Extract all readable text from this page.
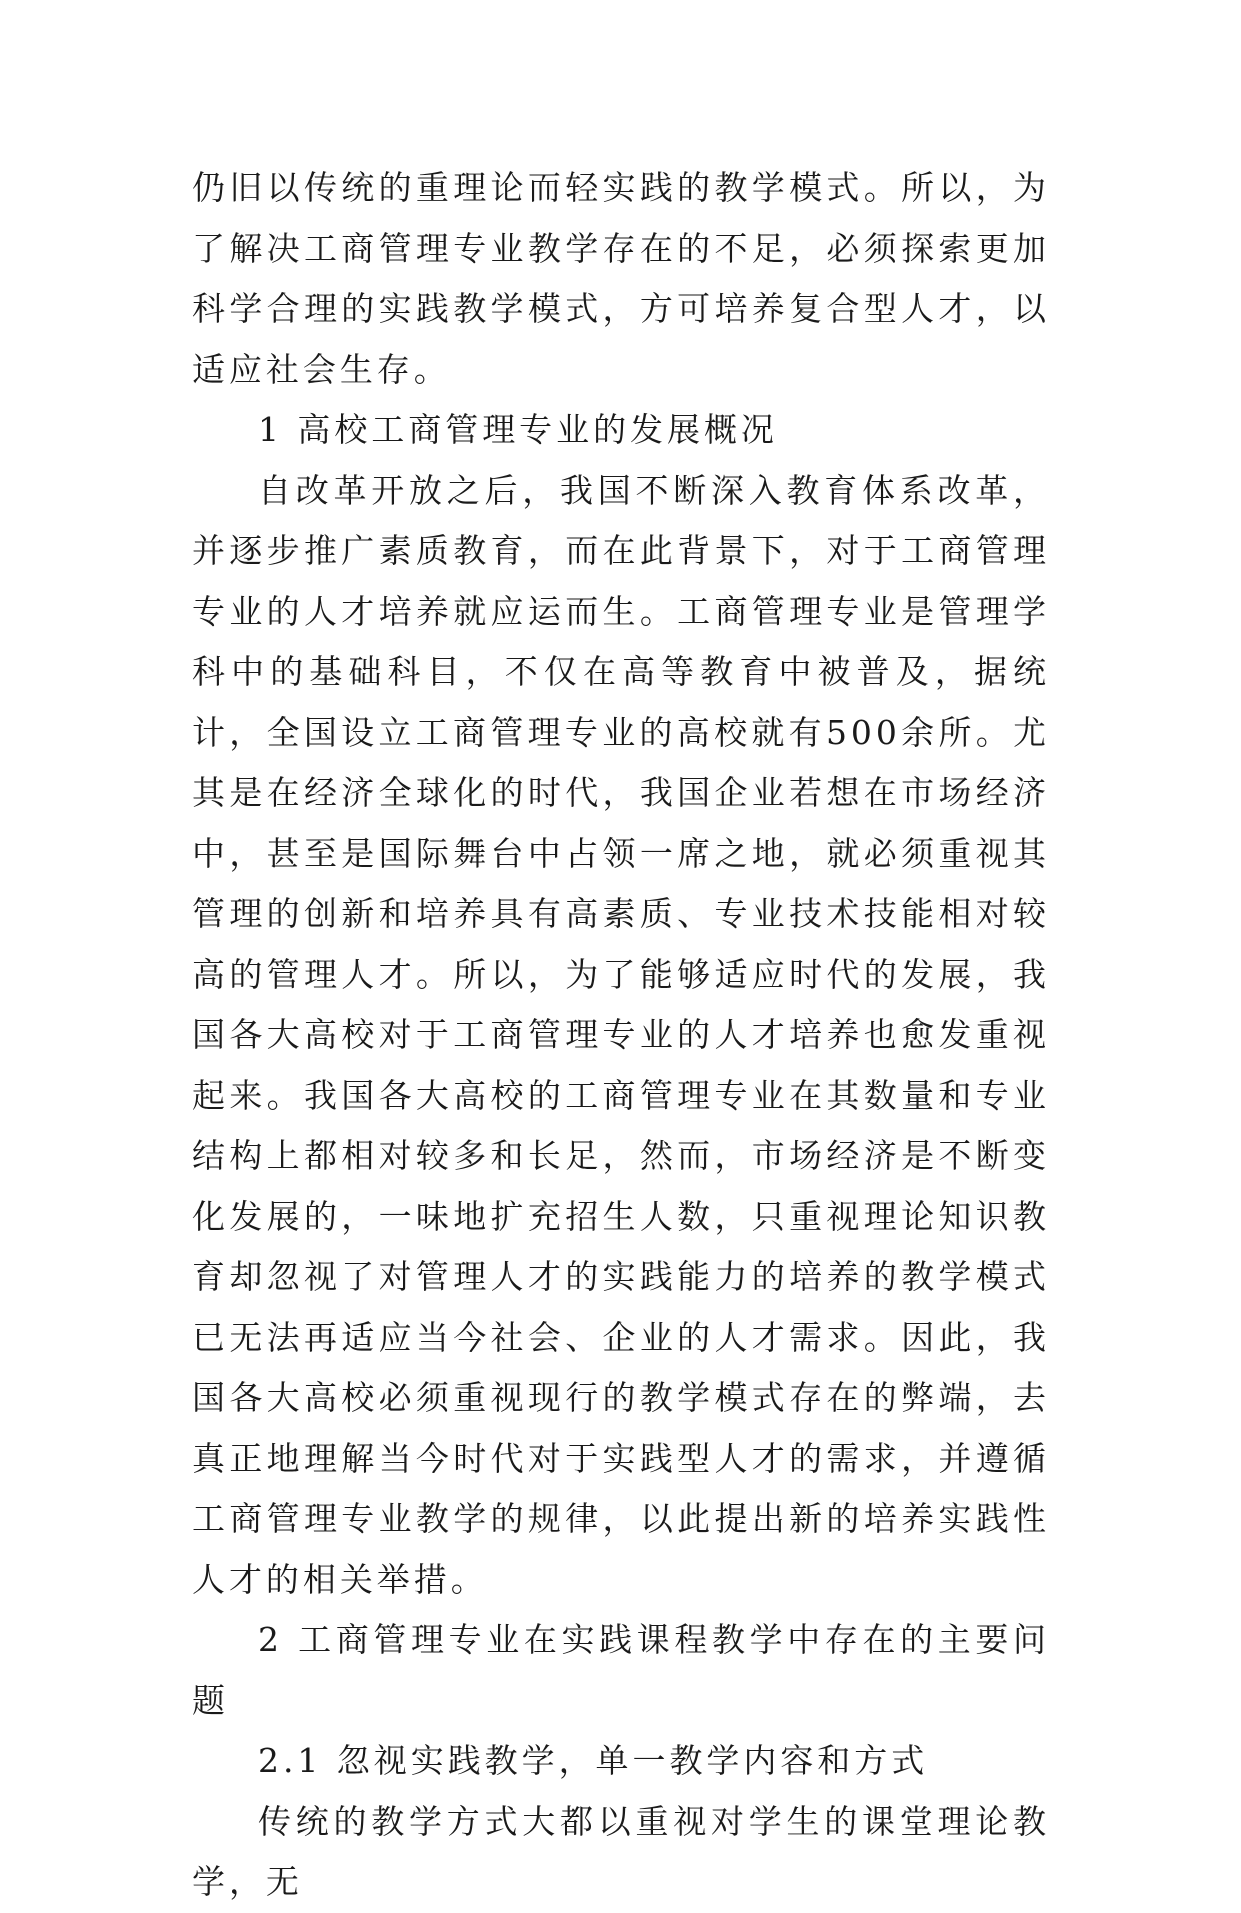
仍旧以传统的重理论而轻实践的教学模式。所以，为了解决工商管理专业教学存在的不足，必须探索更加科学合理的实践教学模式，方可培养复合型人才，以适应社会生存。

1 高校工商管理专业的发展概况

自改革开放之后，我国不断深入教育体系改革，并逐步推广素质教育，而在此背景下，对于工商管理专业的人才培养就应运而生。工商管理专业是管理学科中的基础科目，不仅在高等教育中被普及，据统计，全国设立工商管理专业的高校就有500余所。尤其是在经济全球化的时代，我国企业若想在市场经济中，甚至是国际舞台中占领一席之地，就必须重视其管理的创新和培养具有高素质、专业技术技能相对较高的管理人才。所以，为了能够适应时代的发展，我国各大高校对于工商管理专业的人才培养也愈发重视起来。我国各大高校的工商管理专业在其数量和专业结构上都相对较多和长足，然而，市场经济是不断变化发展的，一味地扩充招生人数，只重视理论知识教育却忽视了对管理人才的实践能力的培养的教学模式已无法再适应当今社会、企业的人才需求。因此，我国各大高校必须重视现行的教学模式存在的弊端，去真正地理解当今时代对于实践型人才的需求，并遵循工商管理专业教学的规律，以此提出新的培养实践性人才的相关举措。

2 工商管理专业在实践课程教学中存在的主要问题

2.1 忽视实践教学，单一教学内容和方式

传统的教学方式大都以重视对学生的课堂理论教学，无
